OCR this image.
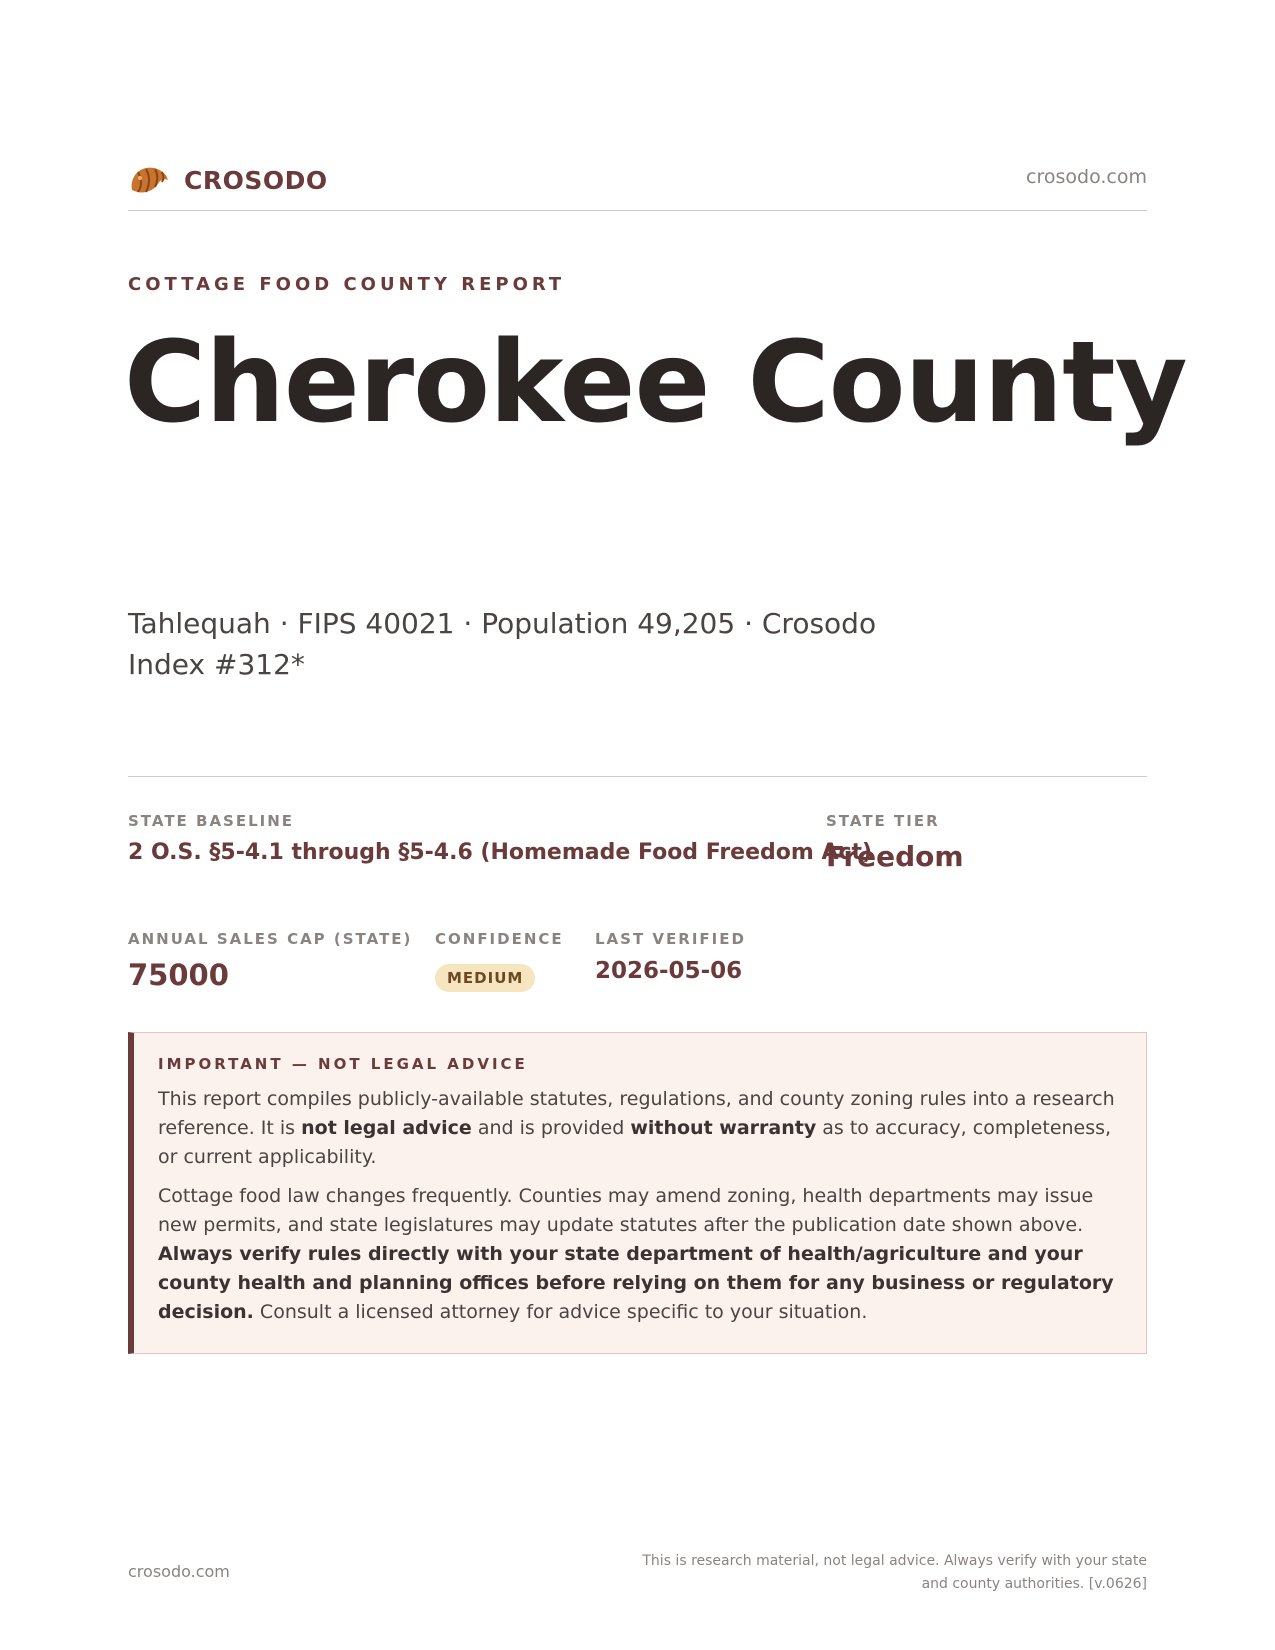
CROSODO	crosodo.com
COTTAGE FOOD COUNTY REPORT
Cherokee County
Tahlequah · FIPS 40021 · Population 49,205 · Crosodo Index #312*
STATE BASELINE
2 O.S. §5-4.1 through §5-4.6 (Homemade Food Freedom Act)
STATE TIER
Freedom
ANNUAL SALES CAP (STATE)
75000
CONFIDENCE
MEDIUM
LAST VERIFIED
2026-05-06
IMPORTANT — NOT LEGAL ADVICE

This report compiles publicly-available statutes, regulations, and county zoning rules into a research reference. It is not legal advice and is provided without warranty as to accuracy, completeness, or current applicability.

Cottage food law changes frequently. Counties may amend zoning, health departments may issue new permits, and state legislatures may update statutes after the publication date shown above. Always verify rules directly with your state department of health/agriculture and your county health and planning offices before relying on them for any business or regulatory decision. Consult a licensed attorney for advice specific to your situation.

crosodo.com
This is research material, not legal advice. Always verify with your state and county authorities. [v.0626]
